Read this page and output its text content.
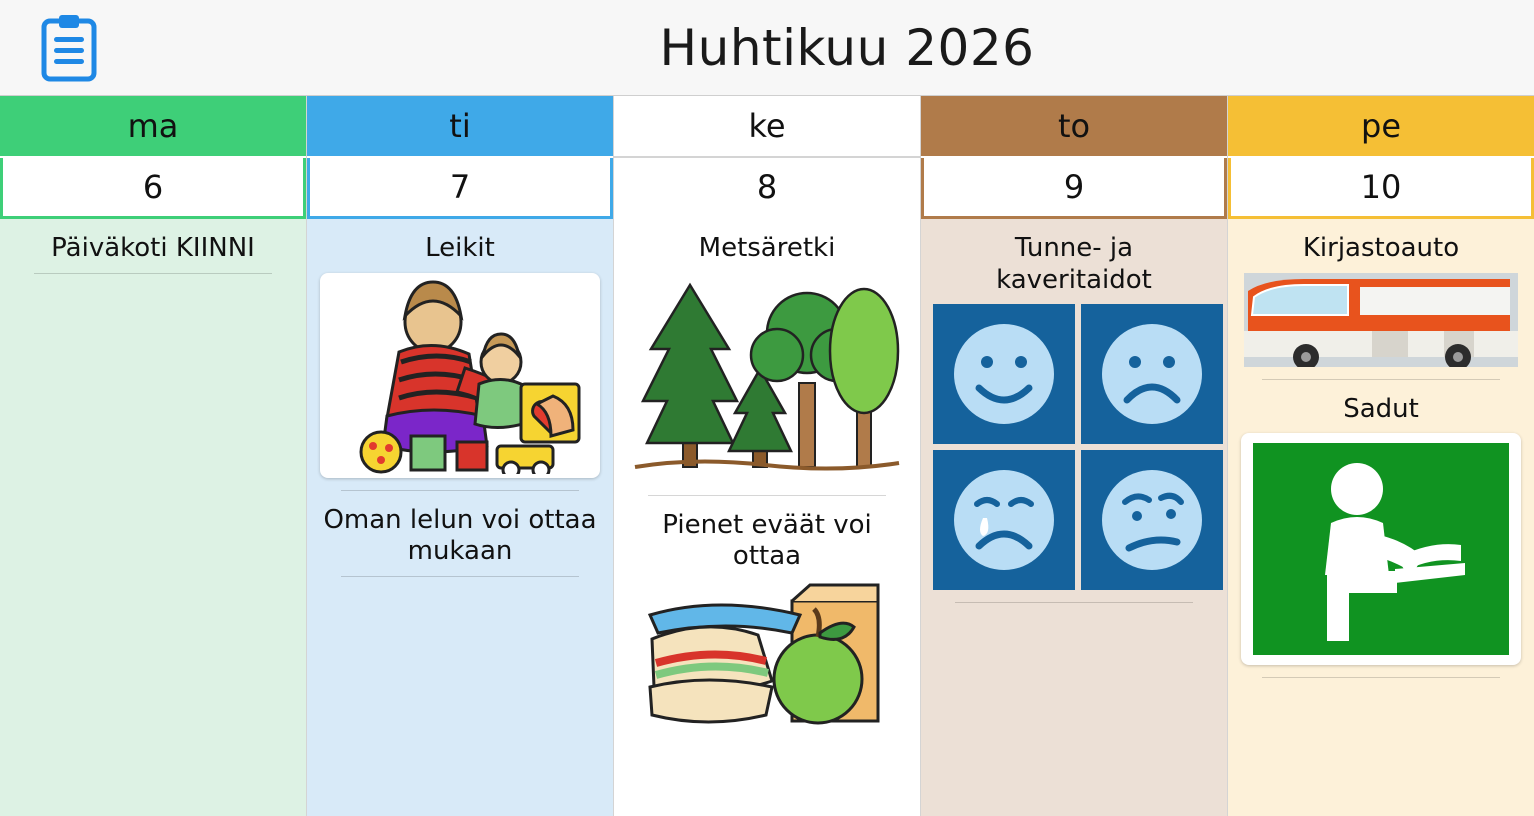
Huhtikuu 2026
ma
6
Päiväkoti KIINNI
ti
7
Leikit
Oman lelun voi ottaa mukaan
ke
8
Metsäretki
Pienet eväät voi ottaa
to
9
Tunne- ja kaveritaidot
pe
10
Kirjastoauto
Sadut
